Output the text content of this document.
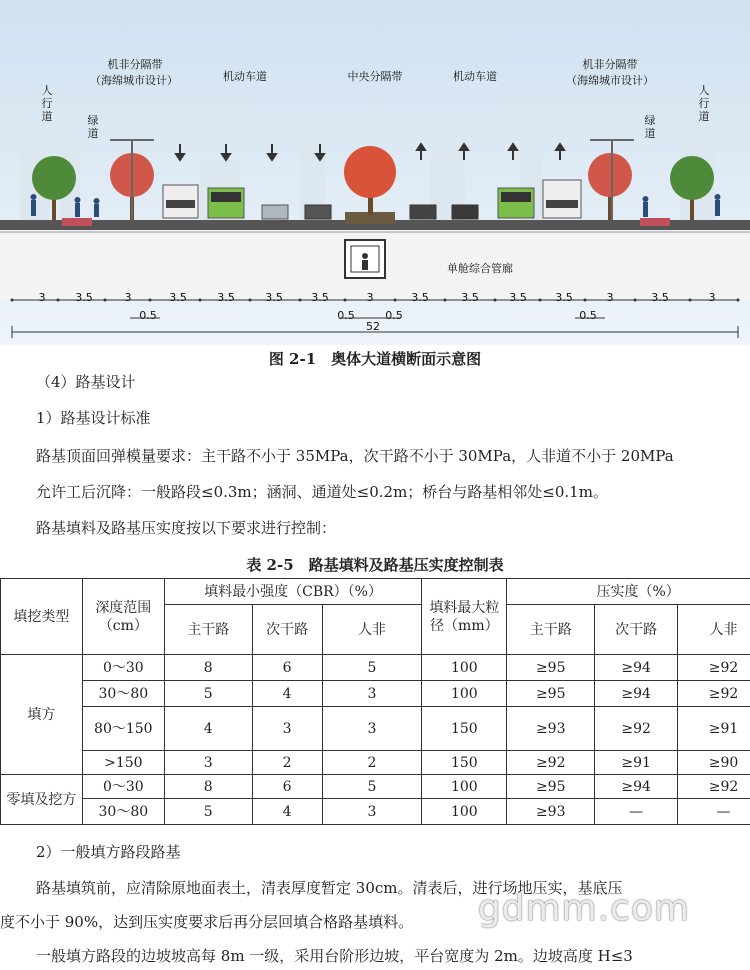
人行道	绿道
机非分隔带
（海绵城市设计）	机动车道	中央分隔带	机动车道
机非分隔带
（海绵城市设计）
绿道
人行道
单舱综合管廊
3	3.5	3	3.5	3.5	3.5	3.5	3	3.5	3.5	3.5	3.5	3	3.5	3
0.5	0.5	0.5	0.5
52
图 2-1　奥体大道横断面示意图
（4）路基设计
1）路基设计标准
路基顶面回弹模量要求：主干路不小于 35MPa，次干路不小于 30MPa，人非道不小于 20MPa
允许工后沉降：一般路段≤0.3m；涵洞、通道处≤0.2m；桥台与路基相邻处≤0.1m。
路基填料及路基压实度按以下要求进行控制：
表 2-5　路基填料及路基压实度控制表
填挖类型	深度范围（cm）	填料最小强度（CBR）（%）			填料最大粒径（mm）	压实度（%）		
		主干路	次干路	人非		主干路	次干路	人非
填方	0～30	8	6	5	100	≥95	≥94	≥92
	30～80	5	4	3	100	≥95	≥94	≥92
	80～150	4	3	3	150	≥93	≥92	≥91
	>150	3	2	2	150	≥92	≥91	≥90
零填及挖方	0～30	8	6	5	100	≥95	≥94	≥92
	30～80	5	4	3	100	≥93	—	—
2）一般填方路段路基
路基填筑前，应清除原地面表土，清表厚度暂定 30cm。清表后，进行场地压实，基底压
度不小于 90%，达到压实度要求后再分层回填合格路基填料。
一般填方路段的边坡坡高每 8m 一级，采用台阶形边坡，平台宽度为 2m。边坡高度 H≤3
gdmm.com
